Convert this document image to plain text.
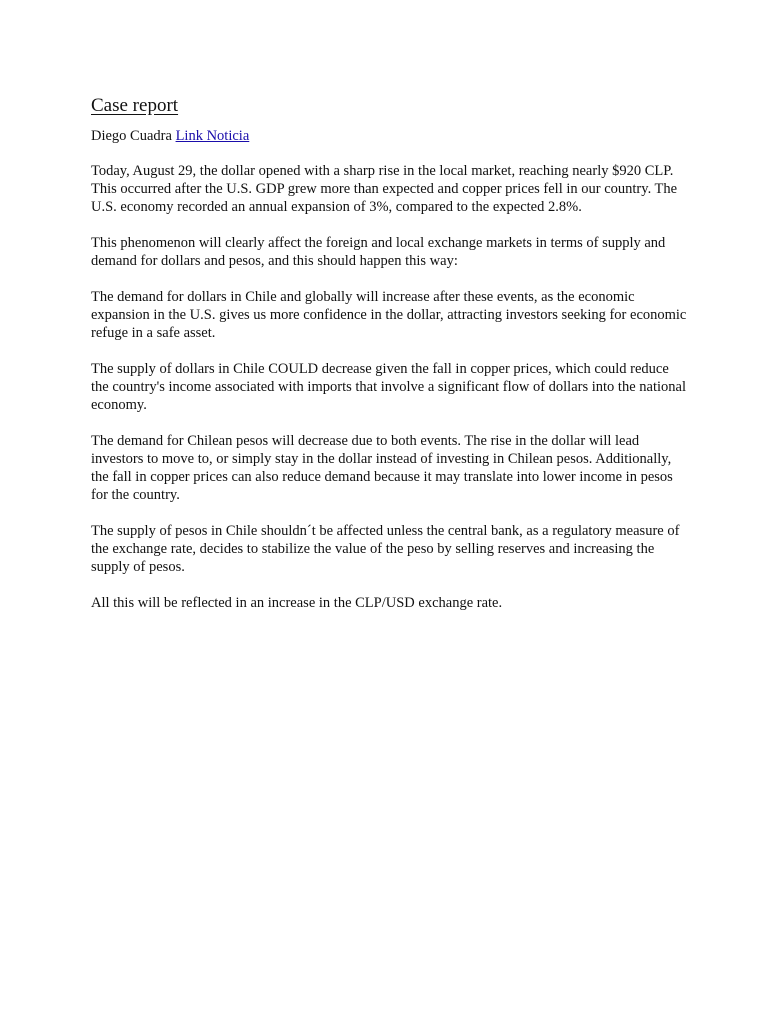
Case report

Diego Cuadra Link Noticia

Today, August 29, the dollar opened with a sharp rise in the local market, reaching nearly $920 CLP. This occurred after the U.S. GDP grew more than expected and copper prices fell in our country. The U.S. economy recorded an annual expansion of 3%, compared to the expected 2.8%.

This phenomenon will clearly affect the foreign and local exchange markets in terms of supply and demand for dollars and pesos, and this should happen this way:

The demand for dollars in Chile and globally will increase after these events, as the economic expansion in the U.S. gives us more confidence in the dollar, attracting investors seeking for economic refuge in a safe asset.

The supply of dollars in Chile COULD decrease given the fall in copper prices, which could reduce the country's income associated with imports that involve a significant flow of dollars into the national economy.

The demand for Chilean pesos will decrease due to both events. The rise in the dollar will lead investors to move to, or simply stay in the dollar instead of investing in Chilean pesos. Additionally, the fall in copper prices can also reduce demand because it may translate into lower income in pesos for the country.

The supply of pesos in Chile shouldn´t be affected unless the central bank, as a regulatory measure of the exchange rate, decides to stabilize the value of the peso by selling reserves and increasing the supply of pesos.

All this will be reflected in an increase in the CLP/USD exchange rate.
